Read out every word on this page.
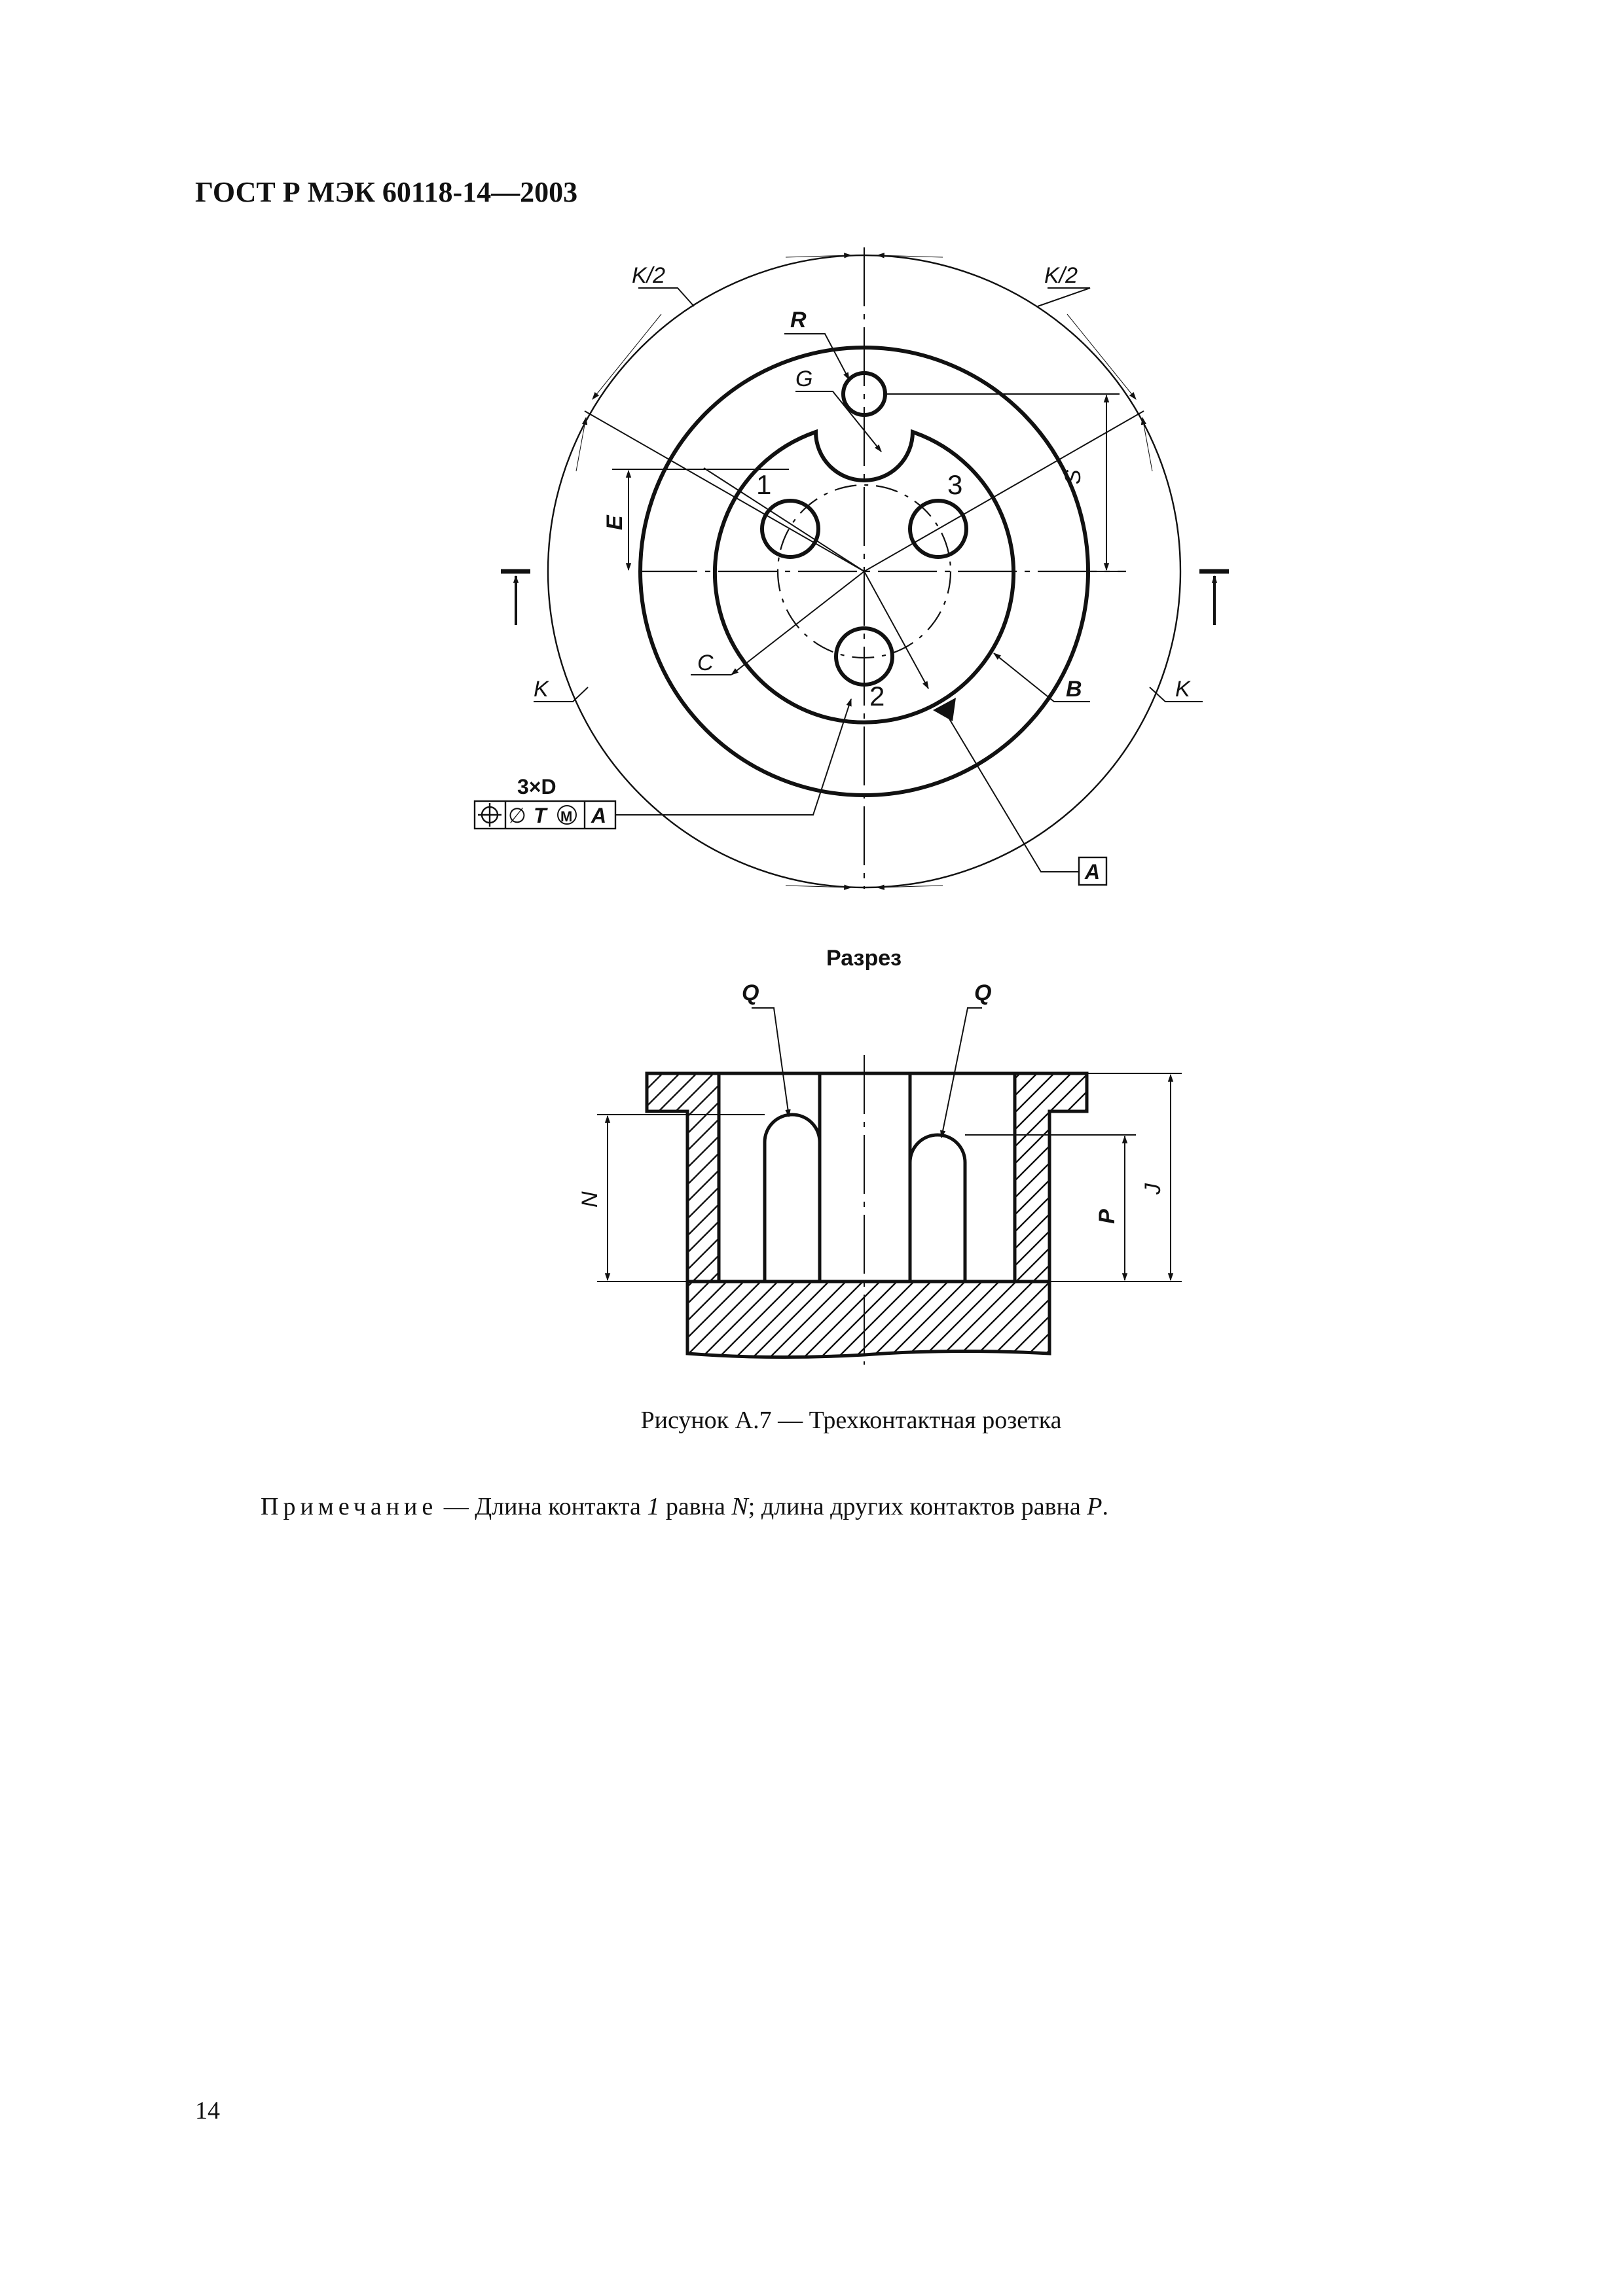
ГОСТ Р МЭК 60118-14—2003
K/2	K/2
R
G
S
E
C
B
K	K
1
2
3
3×D
∅ T M A
A
Разрез
Q	Q
N
P
J
Рисунок А.7 — Трехконтактная розетка
Примечание — Длина контакта 1 равна N; длина других контактов равна P.
14
